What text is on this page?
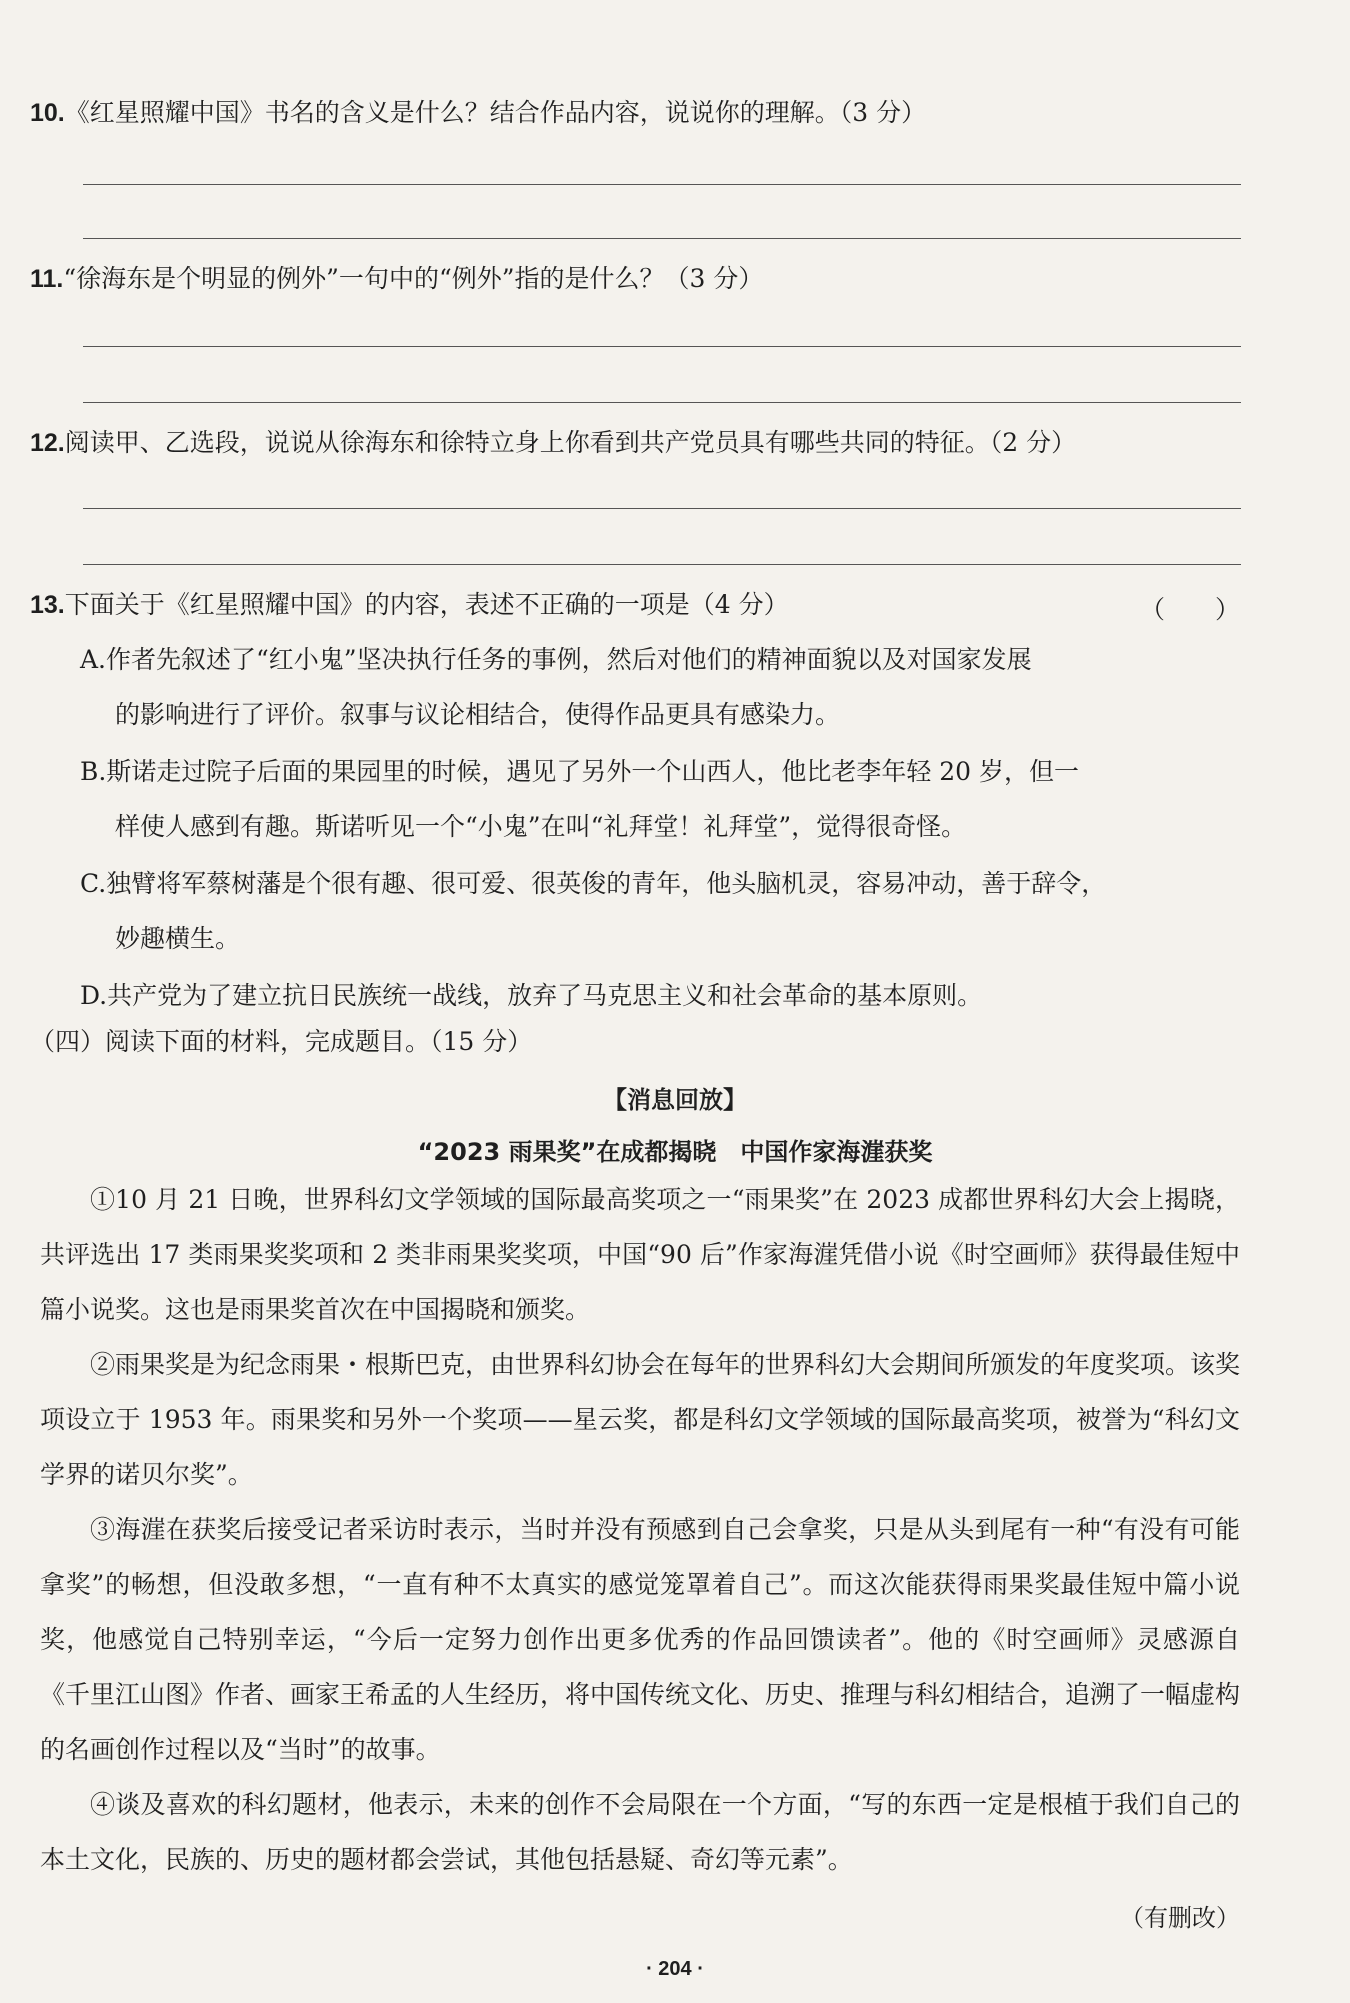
10.《红星照耀中国》书名的含义是什么？结合作品内容，说说你的理解。（3 分）
11.“徐海东是个明显的例外”一句中的“例外”指的是什么？（3 分）
12.阅读甲、乙选段，说说从徐海东和徐特立身上你看到共产党员具有哪些共同的特征。（2 分）
13.下面关于《红星照耀中国》的内容，表述不正确的一项是（4 分）	（　　）
A.作者先叙述了“红小鬼”坚决执行任务的事例，然后对他们的精神面貌以及对国家发展
的影响进行了评价。叙事与议论相结合，使得作品更具有感染力。
B.斯诺走过院子后面的果园里的时候，遇见了另外一个山西人，他比老李年轻 20 岁，但一
样使人感到有趣。斯诺听见一个“小鬼”在叫“礼拜堂！礼拜堂”，觉得很奇怪。
C.独臂将军蔡树藩是个很有趣、很可爱、很英俊的青年，他头脑机灵，容易冲动，善于辞令，
妙趣横生。
D.共产党为了建立抗日民族统一战线，放弃了马克思主义和社会革命的基本原则。
（四）阅读下面的材料，完成题目。（15 分）
【消息回放】
“2023 雨果奖”在成都揭晓　中国作家海漄获奖
①10 月 21 日晚，世界科幻文学领域的国际最高奖项之一“雨果奖”在 2023 成都世界科幻大会上揭晓，共评选出 17 类雨果奖奖项和 2 类非雨果奖奖项，中国“90 后”作家海漄凭借小说《时空画师》获得最佳短中篇小说奖。这也是雨果奖首次在中国揭晓和颁奖。
②雨果奖是为纪念雨果・根斯巴克，由世界科幻协会在每年的世界科幻大会期间所颁发的年度奖项。该奖项设立于 1953 年。雨果奖和另外一个奖项——星云奖，都是科幻文学领域的国际最高奖项，被誉为“科幻文学界的诺贝尔奖”。
③海漄在获奖后接受记者采访时表示，当时并没有预感到自己会拿奖，只是从头到尾有一种“有没有可能拿奖”的畅想，但没敢多想，“一直有种不太真实的感觉笼罩着自己”。而这次能获得雨果奖最佳短中篇小说奖，他感觉自己特别幸运，“今后一定努力创作出更多优秀的作品回馈读者”。他的《时空画师》灵感源自《千里江山图》作者、画家王希孟的人生经历，将中国传统文化、历史、推理与科幻相结合，追溯了一幅虚构的名画创作过程以及“当时”的故事。
④谈及喜欢的科幻题材，他表示，未来的创作不会局限在一个方面，“写的东西一定是根植于我们自己的本土文化，民族的、历史的题材都会尝试，其他包括悬疑、奇幻等元素”。
（有删改）
· 204 ·
